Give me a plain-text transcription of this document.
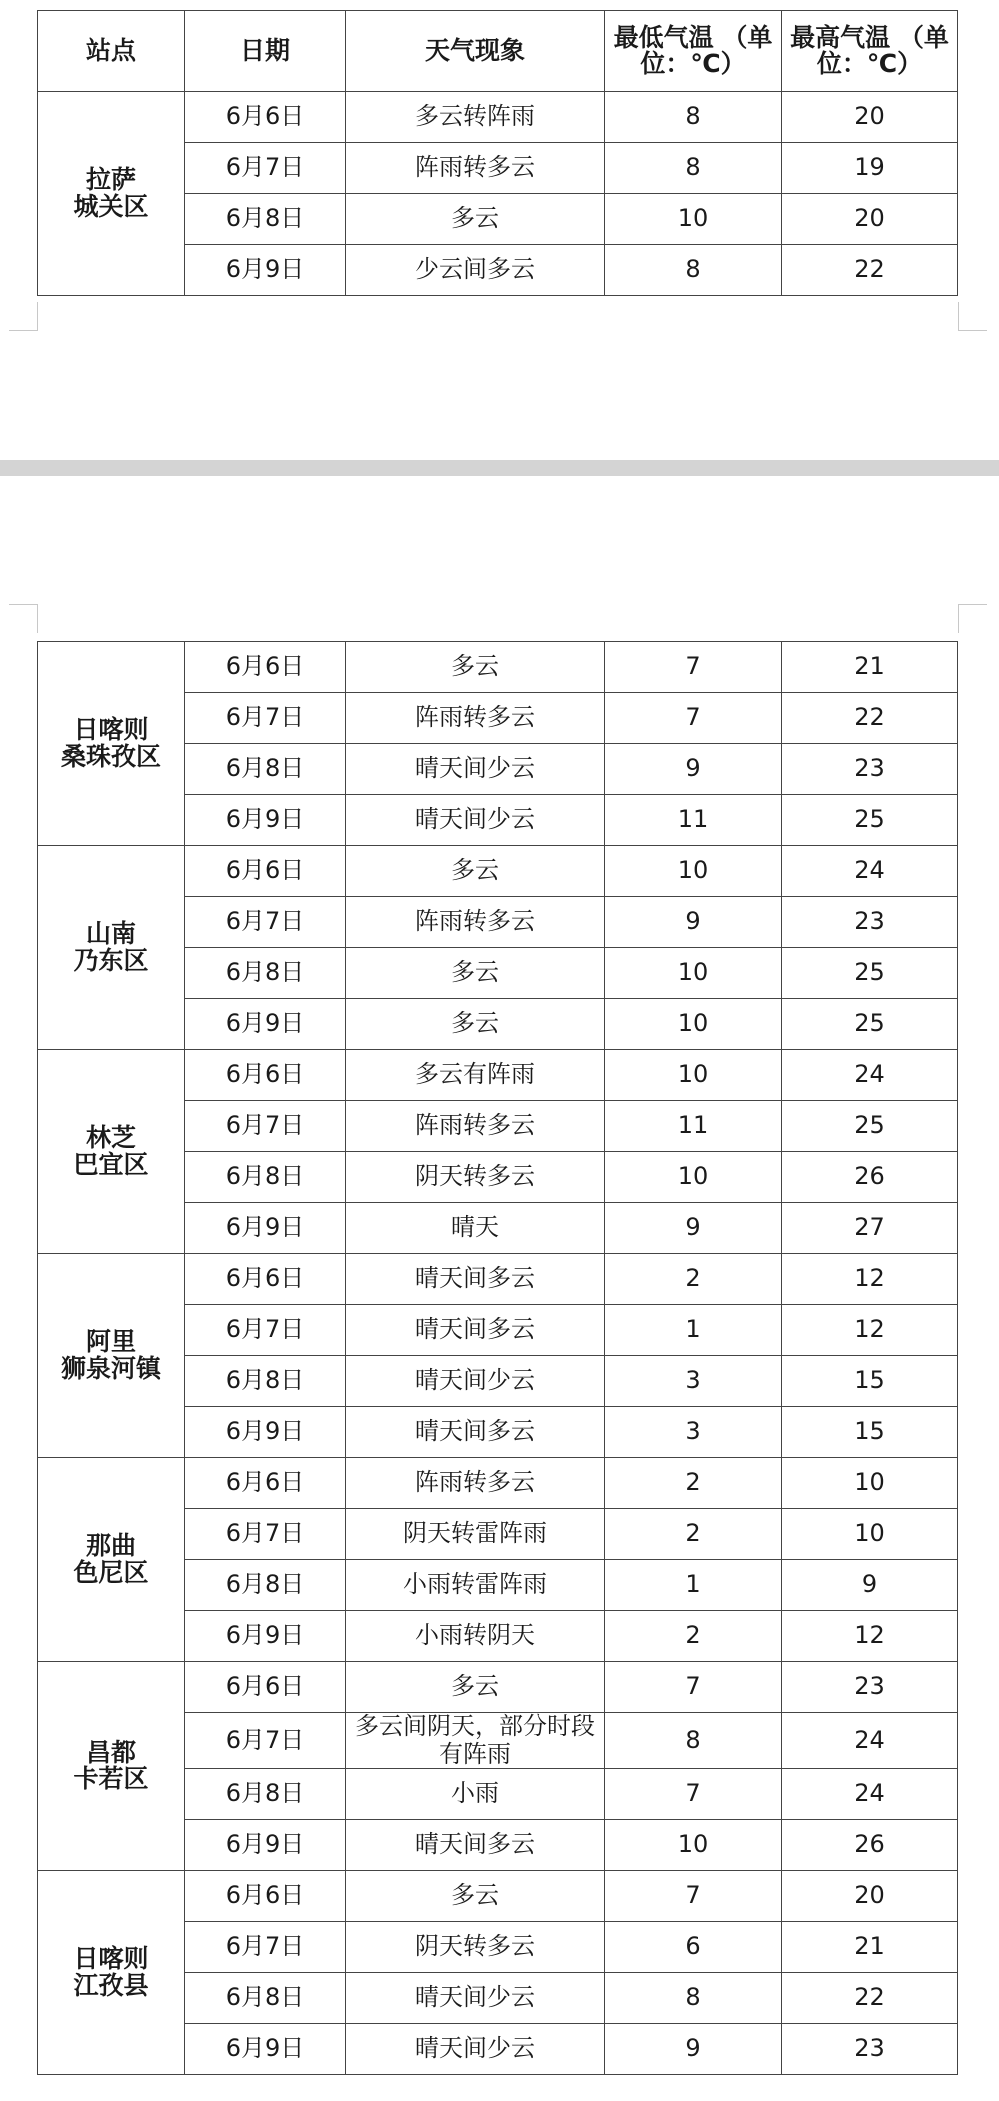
站点	日期	天气现象	最低气温 （单位：℃）	最高气温 （单位：℃）

拉萨
城关区	6月6日	多云转阵雨	8	20
	6月7日	阵雨转多云	8	19
	6月8日	多云	10	20
	6月9日	少云间多云	8	22
日喀则
桑珠孜区	6月6日	多云	7	21
	6月7日	阵雨转多云	7	22
	6月8日	晴天间少云	9	23
	6月9日	晴天间少云	11	25

山南
乃东区	6月6日	多云	10	24
	6月7日	阵雨转多云	9	23
	6月8日	多云	10	25
	6月9日	多云	10	25

林芝
巴宜区	6月6日	多云有阵雨	10	24
	6月7日	阵雨转多云	11	25
	6月8日	阴天转多云	10	26
	6月9日	晴天	9	27

阿里
狮泉河镇	6月6日	晴天间多云	2	12
	6月7日	晴天间多云	1	12
	6月8日	晴天间少云	3	15
	6月9日	晴天间多云	3	15

那曲
色尼区	6月6日	阵雨转多云	2	10
	6月7日	阴天转雷阵雨	2	10
	6月8日	小雨转雷阵雨	1	9
	6月9日	小雨转阴天	2	12

昌都
卡若区	6月6日	多云	7	23
	6月7日	多云间阴天，部分时段有阵雨	8	24
	6月8日	小雨	7	24
	6月9日	晴天间多云	10	26

日喀则
江孜县	6月6日	多云	7	20
	6月7日	阴天转多云	6	21
	6月8日	晴天间少云	8	22
	6月9日	晴天间少云	9	23
